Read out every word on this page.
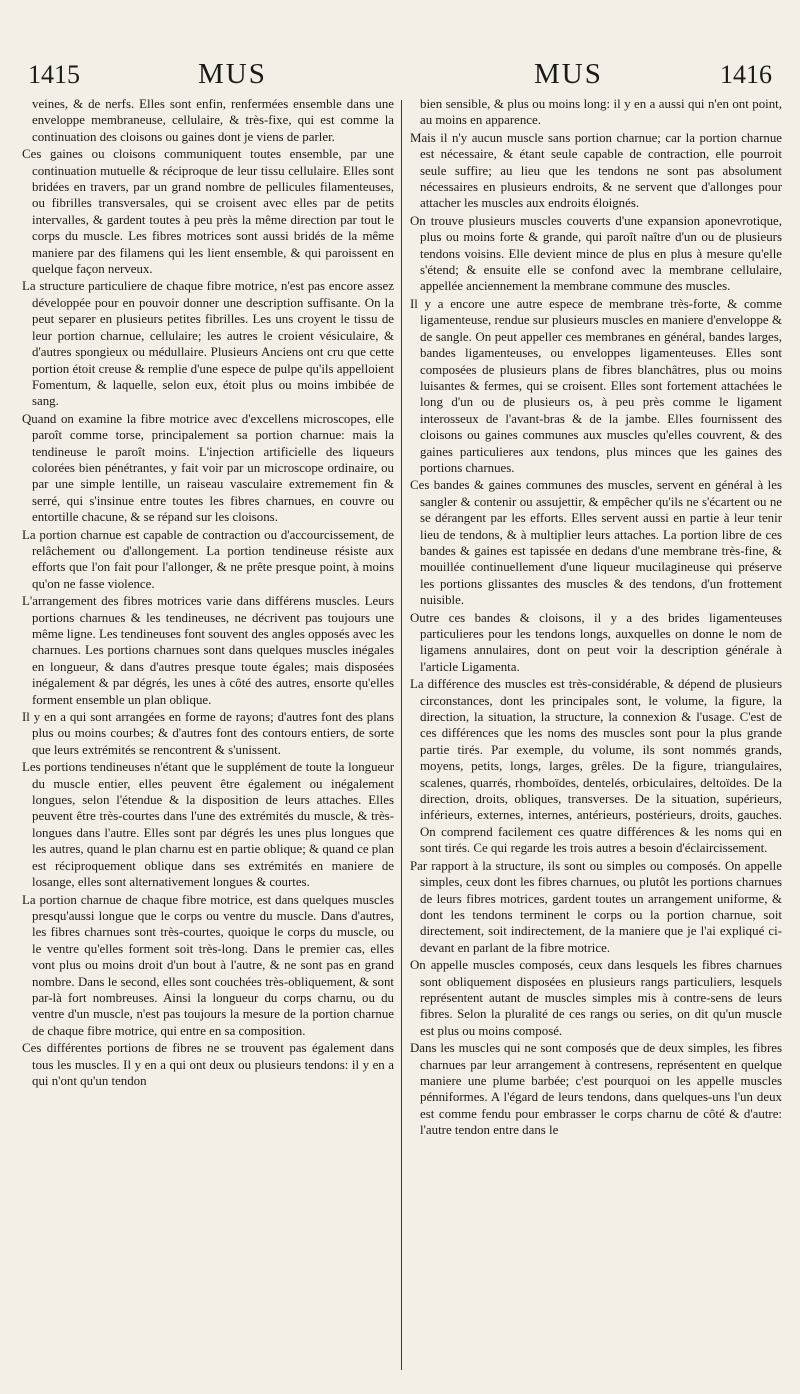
1415	MUS	MUS	1416

veines, & de nerfs. Elles sont enfin, renfermées ensemble dans une enveloppe membraneuse, cellulaire, & très-fixe, qui est comme la continuation des cloisons ou gaines dont je viens de parler.

Ces gaines ou cloisons communiquent toutes ensemble, par une continuation mutuelle & réciproque de leur tissu cellulaire. Elles sont bridées en travers, par un grand nombre de pellicules filamenteuses, ou fibrilles transversales, qui se croisent avec elles par de petits intervalles, & gardent toutes à peu près la même direction par tout le corps du muscle. Les fibres motrices sont aussi bridés de la même maniere par des filamens qui les lient ensemble, & qui paroissent en quelque façon nerveux.

La structure particuliere de chaque fibre motrice, n'est pas encore assez développée pour en pouvoir donner une description suffisante. On la peut separer en plusieurs petites fibrilles. Les uns croyent le tissu de leur portion charnue, cellulaire; les autres le croient vésiculaire, & d'autres spongieux ou médullaire. Plusieurs Anciens ont cru que cette portion étoit creuse & remplie d'une espece de pulpe qu'ils appelloient Fomentum, & laquelle, selon eux, étoit plus ou moins imbibée de sang.

Quand on examine la fibre motrice avec d'excellens microscopes, elle paroît comme torse, principalement sa portion charnue: mais la tendineuse le paroît moins. L'injection artificielle des liqueurs colorées bien pénétrantes, y fait voir par un microscope ordinaire, ou par une simple lentille, un raiseau vasculaire extremement fin & serré, qui s'insinue entre toutes les fibres charnues, en couvre ou entortille chacune, & se répand sur les cloisons.

La portion charnue est capable de contraction ou d'accourcissement, de relâchement ou d'allongement. La portion tendineuse résiste aux efforts que l'on fait pour l'allonger, & ne prête presque point, à moins qu'on ne fasse violence.

L'arrangement des fibres motrices varie dans différens muscles. Leurs portions charnues & les tendineuses, ne décrivent pas toujours une même ligne. Les tendineuses font souvent des angles opposés avec les charnues. Les portions charnues sont dans quelques muscles inégales en longueur, & dans d'autres presque toute égales; mais disposées inégalement & par dégrés, les unes à côté des autres, ensorte qu'elles forment ensemble un plan oblique.

Il y en a qui sont arrangées en forme de rayons; d'autres font des plans plus ou moins courbes; & d'autres font des contours entiers, de sorte que leurs extrémités se rencontrent & s'unissent.

Les portions tendineuses n'étant que le supplément de toute la longueur du muscle entier, elles peuvent être également ou inégalement longues, selon l'étendue & la disposition de leurs attaches. Elles peuvent être très-courtes dans l'une des extrémités du muscle, & très-longues dans l'autre. Elles sont par dégrés les unes plus longues que les autres, quand le plan charnu est en partie oblique; & quand ce plan est réciproquement oblique dans ses extrémités en maniere de losange, elles sont alternativement longues & courtes.

La portion charnue de chaque fibre motrice, est dans quelques muscles presqu'aussi longue que le corps ou ventre du muscle. Dans d'autres, les fibres charnues sont très-courtes, quoique le corps du muscle, ou le ventre qu'elles forment soit très-long. Dans le premier cas, elles vont plus ou moins droit d'un bout à l'autre, & ne sont pas en grand nombre. Dans le second, elles sont couchées très-obliquement, & sont par-là fort nombreuses. Ainsi la longueur du corps charnu, ou du ventre d'un muscle, n'est pas toujours la mesure de la portion charnue de chaque fibre motrice, qui entre en sa composition.

Ces différentes portions de fibres ne se trouvent pas également dans tous les muscles. Il y en a qui ont deux ou plusieurs tendons: il y en a qui n'ont qu'un tendon

bien sensible, & plus ou moins long: il y en a aussi qui n'en ont point, au moins en apparence.

Mais il n'y aucun muscle sans portion charnue; car la portion charnue est nécessaire, & étant seule capable de contraction, elle pourroit seule suffire; au lieu que les tendons ne sont pas absolument nécessaires en plusieurs endroits, & ne servent que d'allonges pour attacher les muscles aux endroits éloignés.

On trouve plusieurs muscles couverts d'une expansion aponevrotique, plus ou moins forte & grande, qui paroît naître d'un ou de plusieurs tendons voisins. Elle devient mince de plus en plus à mesure qu'elle s'étend; & ensuite elle se confond avec la membrane cellulaire, appellée anciennement la membrane commune des muscles.

Il y a encore une autre espece de membrane très-forte, & comme ligamenteuse, rendue sur plusieurs muscles en maniere d'enveloppe & de sangle. On peut appeller ces membranes en général, bandes larges, bandes ligamenteuses, ou enveloppes ligamenteuses. Elles sont composées de plusieurs plans de fibres blanchâtres, plus ou moins luisantes & fermes, qui se croisent. Elles sont fortement attachées le long d'un ou de plusieurs os, à peu près comme le ligament interosseux de l'avant-bras & de la jambe. Elles fournissent des cloisons ou gaines communes aux muscles qu'elles couvrent, & des gaines particulieres aux tendons, plus minces que les gaines des portions charnues.

Ces bandes & gaines communes des muscles, servent en général à les sangler & contenir ou assujettir, & empêcher qu'ils ne s'écartent ou ne se dérangent par les efforts. Elles servent aussi en partie à leur tenir lieu de tendons, & à multiplier leurs attaches. La portion libre de ces bandes & gaines est tapissée en dedans d'une membrane très-fine, & mouillée continuellement d'une liqueur mucilagineuse qui préserve les portions glissantes des muscles & des tendons, d'un frottement nuisible.

Outre ces bandes & cloisons, il y a des brides ligamenteuses particulieres pour les tendons longs, auxquelles on donne le nom de ligamens annulaires, dont on peut voir la description générale à l'article Ligamenta.

La différence des muscles est très-considérable, & dépend de plusieurs circonstances, dont les principales sont, le volume, la figure, la direction, la situation, la structure, la connexion & l'usage. C'est de ces différences que les noms des muscles sont pour la plus grande partie tirés. Par exemple, du volume, ils sont nommés grands, moyens, petits, longs, larges, grêles. De la figure, triangulaires, scalenes, quarrés, rhomboïdes, dentelés, orbiculaires, deltoïdes. De la direction, droits, obliques, transverses. De la situation, supérieurs, inférieurs, externes, internes, antérieurs, postérieurs, droits, gauches. On comprend facilement ces quatre différences & les noms qui en sont tirés. Ce qui regarde les trois autres a besoin d'éclaircissement.

Par rapport à la structure, ils sont ou simples ou composés. On appelle simples, ceux dont les fibres charnues, ou plutôt les portions charnues de leurs fibres motrices, gardent toutes un arrangement uniforme, & dont les tendons terminent le corps ou la portion charnue, soit directement, soit indirectement, de la maniere que je l'ai expliqué ci-devant en parlant de la fibre motrice.

On appelle muscles composés, ceux dans lesquels les fibres charnues sont obliquement disposées en plusieurs rangs particuliers, lesquels représentent autant de muscles simples mis à contre-sens de leurs fibres. Selon la pluralité de ces rangs ou series, on dit qu'un muscle est plus ou moins composé.

Dans les muscles qui ne sont composés que de deux simples, les fibres charnues par leur arrangement à contresens, représentent en quelque maniere une plume barbée; c'est pourquoi on les appelle muscles pénniformes. A l'égard de leurs tendons, dans quelques-uns l'un deux est comme fendu pour embrasser le corps charnu de côté & d'autre: l'autre tendon entre dans le
